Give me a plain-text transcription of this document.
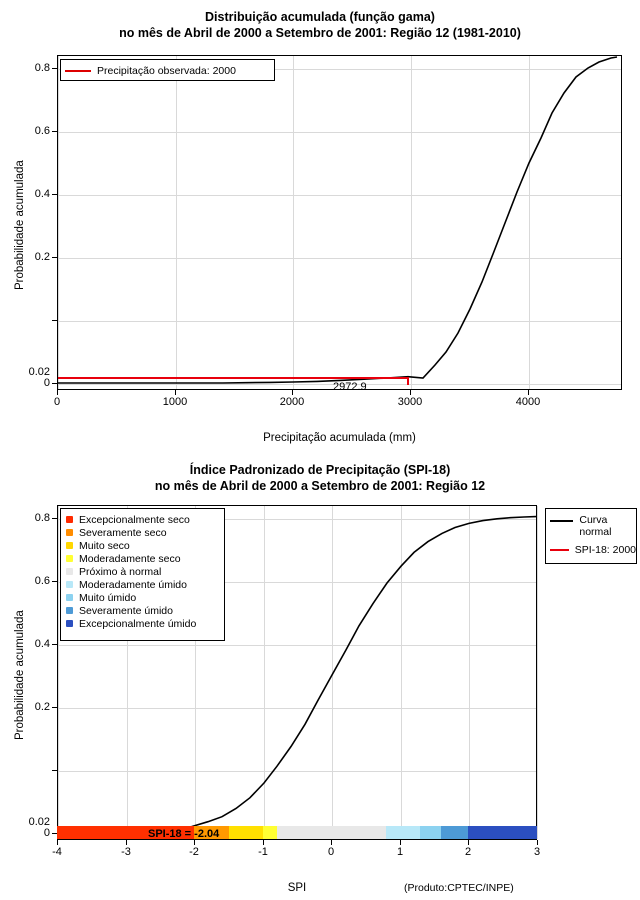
Distribuição acumulada (função gama)
no mês de Abril de 2000 a Setembro de 2001: Região 12 (1981-2010)
0
0.2
0.4
0.6
0.8
0.02
0	1000	2000	3000	4000
2972.9
Precipitação acumulada (mm)
Probabilidade acumulada
Precipitação observada: 2000
Índice Padronizado de Precipitação (SPI-18)
no mês de Abril de 2000 a Setembro de 2001: Região 12
0
0.2
0.4
0.6
0.8
0.02
SPI-18 = -2.04
-4	-3	-2	-1	0	1	2	3
SPI
Probabilidade acumulada
Excepcionalmente seco
Severamente seco
Muito seco
Moderadamente seco
Próximo à normal
Moderadamente úmido
Muito úmido
Severamente úmido
Excepcionalmente úmido
Curva normal
SPI-18: 2000
(Produto:CPTEC/INPE)
